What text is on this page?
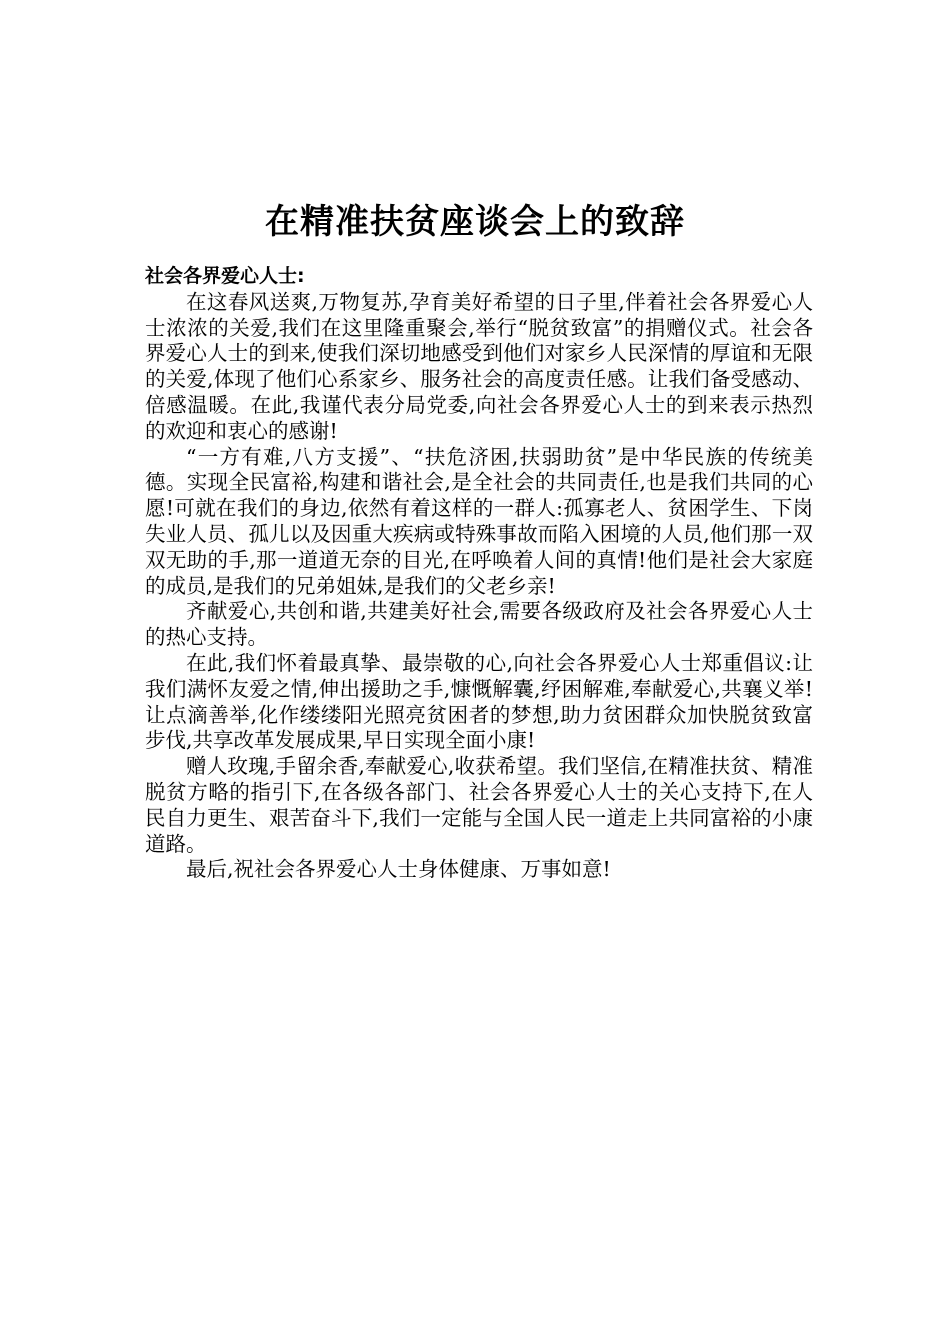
在精准扶贫座谈会上的致辞

社会各界爱心人士:

在这春风送爽,万物复苏,孕育美好希望的日子里,伴着社会各界爱心人士浓浓的关爱,我们在这里隆重聚会,举行“脱贫致富”的捐赠仪式。社会各界爱心人士的到来,使我们深切地感受到他们对家乡人民深情的厚谊和无限的关爱,体现了他们心系家乡、服务社会的高度责任感。让我们备受感动、倍感温暖。在此,我谨代表分局党委,向社会各界爱心人士的到来表示热烈的欢迎和衷心的感谢!

“一方有难,八方支援”、“扶危济困,扶弱助贫”是中华民族的传统美德。实现全民富裕,构建和谐社会,是全社会的共同责任,也是我们共同的心愿!可就在我们的身边,依然有着这样的一群人:孤寡老人、贫困学生、下岗失业人员、孤儿以及因重大疾病或特殊事故而陷入困境的人员,他们那一双双无助的手,那一道道无奈的目光,在呼唤着人间的真情!他们是社会大家庭的成员,是我们的兄弟姐妹,是我们的父老乡亲!

齐献爱心,共创和谐,共建美好社会,需要各级政府及社会各界爱心人士的热心支持。

在此,我们怀着最真挚、最崇敬的心,向社会各界爱心人士郑重倡议:让我们满怀友爱之情,伸出援助之手,慷慨解囊,纾困解难,奉献爱心,共襄义举!让点滴善举,化作缕缕阳光照亮贫困者的梦想,助力贫困群众加快脱贫致富步伐,共享改革发展成果,早日实现全面小康!

赠人玫瑰,手留余香,奉献爱心,收获希望。我们坚信,在精准扶贫、精准脱贫方略的指引下,在各级各部门、社会各界爱心人士的关心支持下,在人民自力更生、艰苦奋斗下,我们一定能与全国人民一道走上共同富裕的小康道路。

最后,祝社会各界爱心人士身体健康、万事如意!
